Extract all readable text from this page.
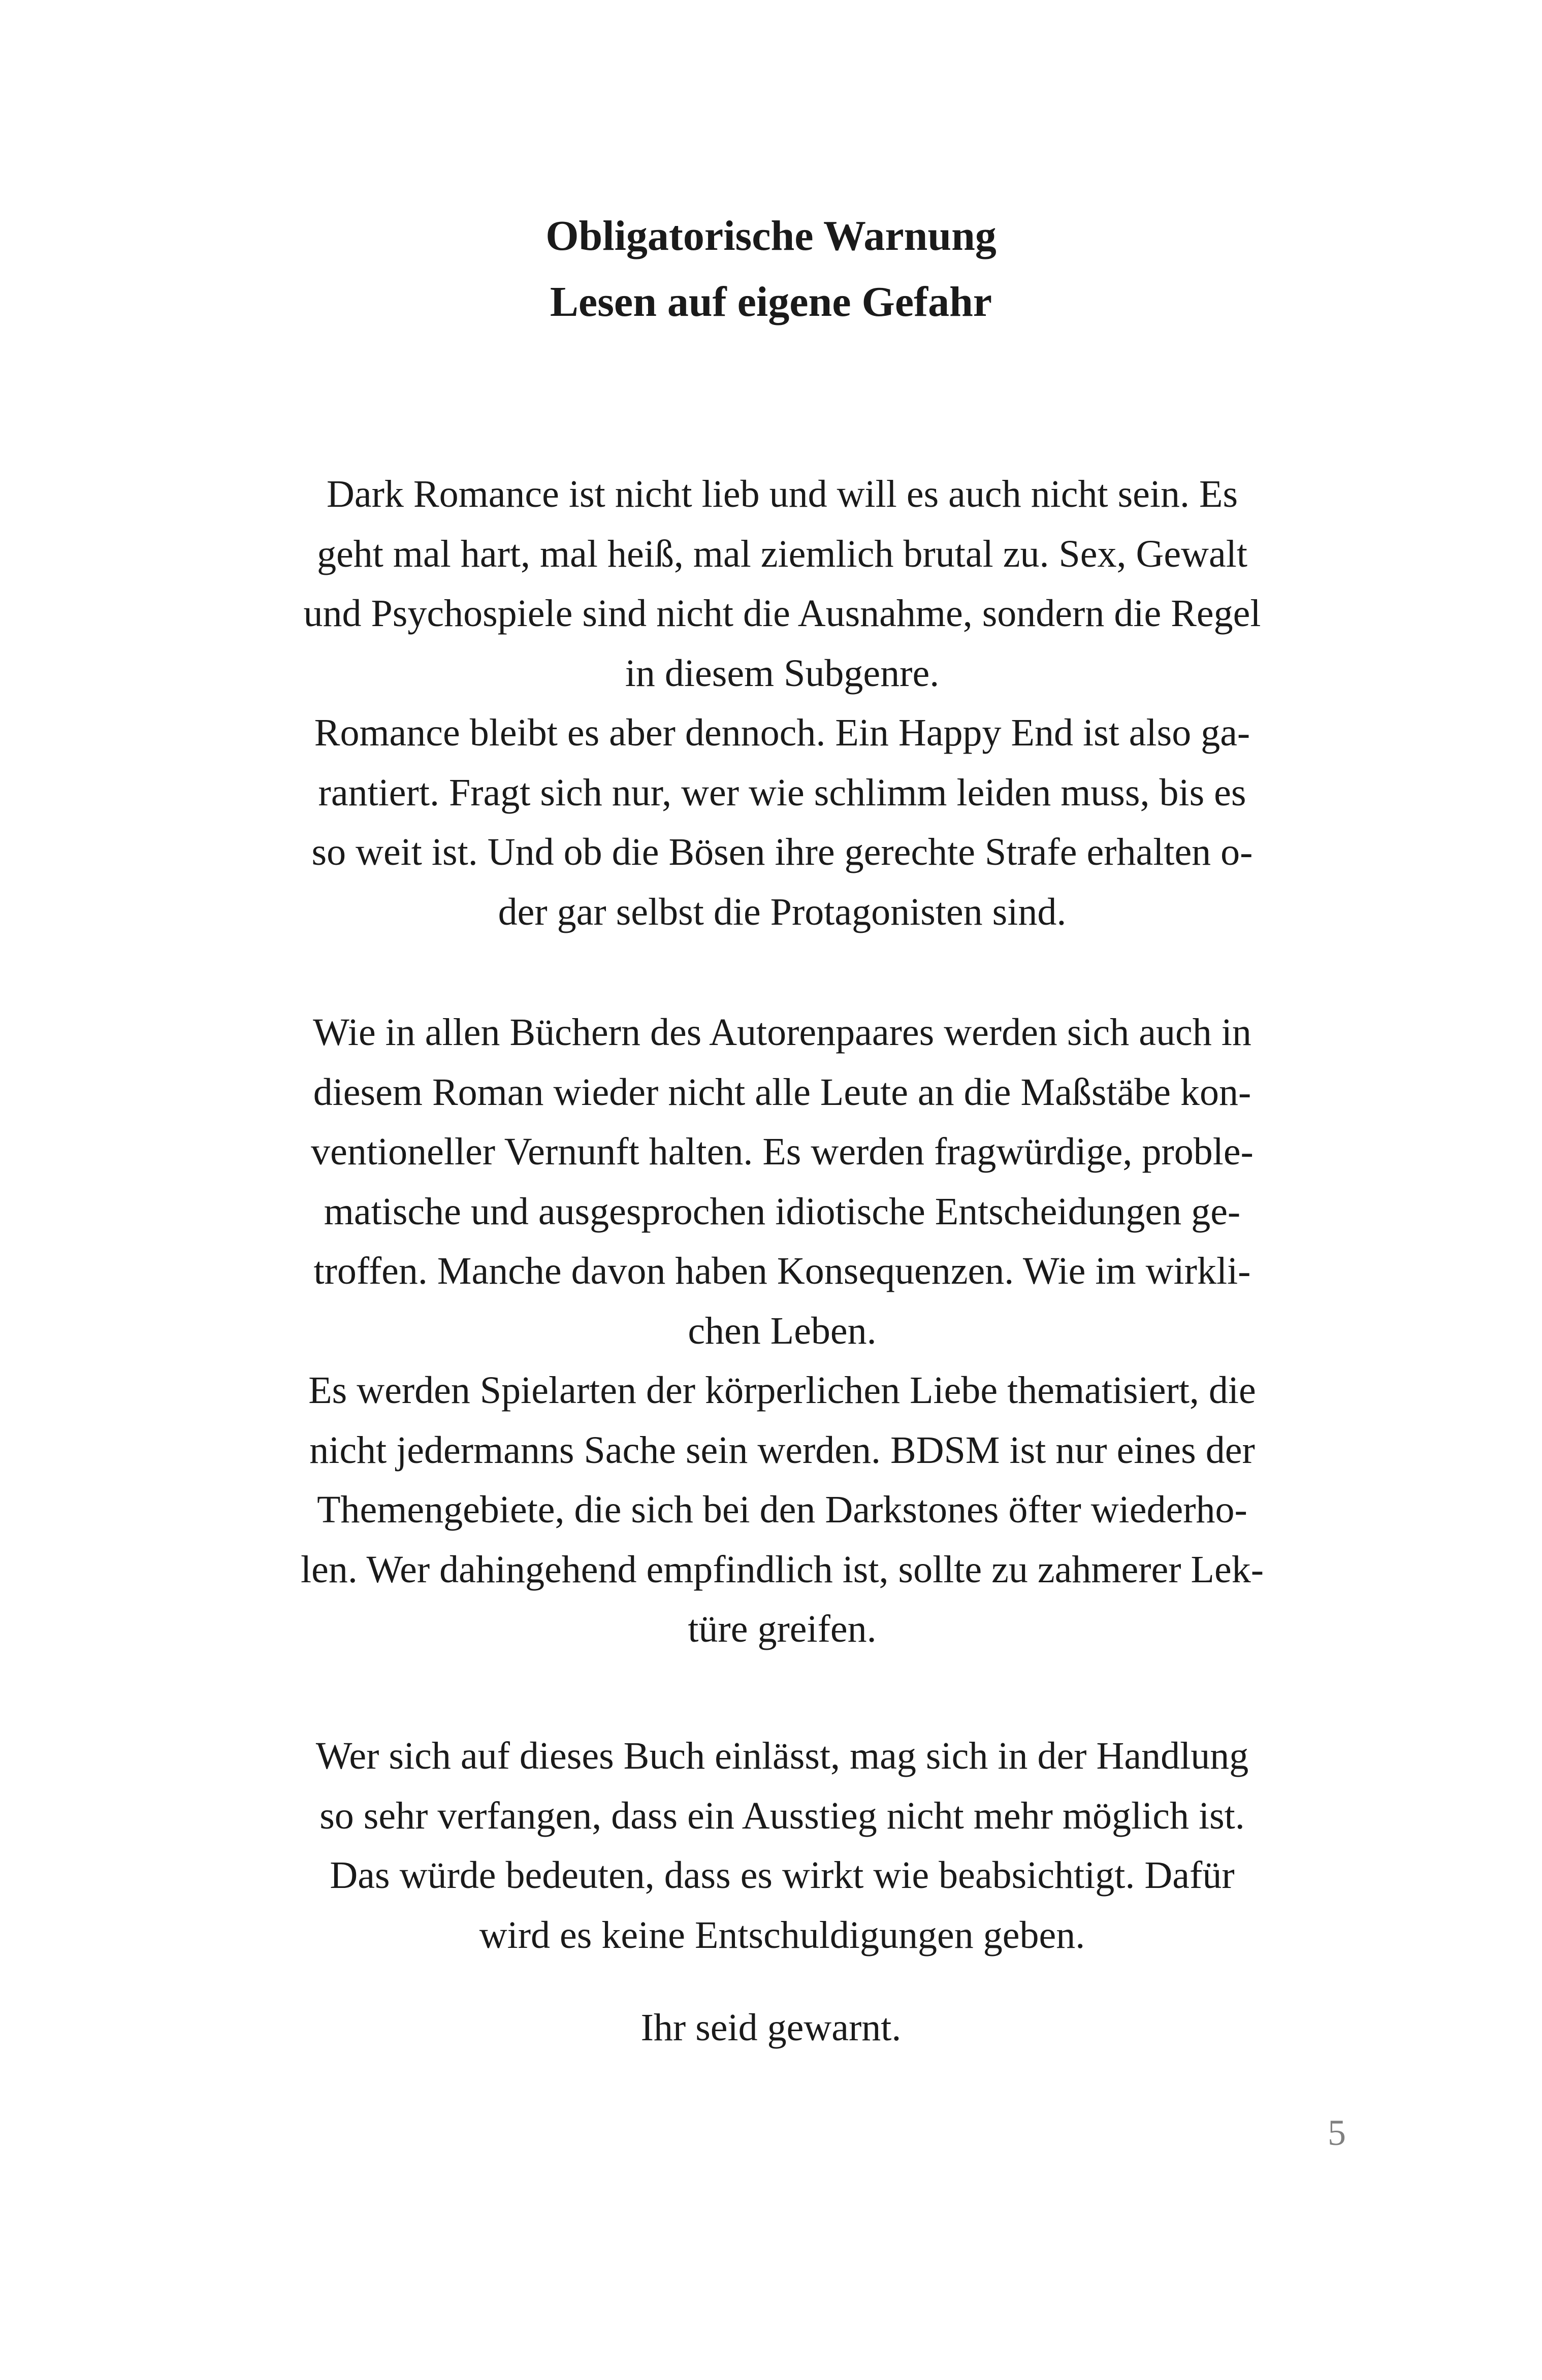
Obligatorische Warnung
Lesen auf eigene Gefahr
Dark Romance ist nicht lieb und will es auch nicht sein. Es
geht mal hart, mal heiß, mal ziemlich brutal zu. Sex, Gewalt
und Psychospiele sind nicht die Ausnahme, sondern die Regel
in diesem Subgenre.
Romance bleibt es aber dennoch. Ein Happy End ist also ga-
rantiert. Fragt sich nur, wer wie schlimm leiden muss, bis es
so weit ist. Und ob die Bösen ihre gerechte Strafe erhalten o-
der gar selbst die Protagonisten sind.
Wie in allen Büchern des Autorenpaares werden sich auch in
diesem Roman wieder nicht alle Leute an die Maßstäbe kon-
ventioneller Vernunft halten. Es werden fragwürdige, proble-
matische und ausgesprochen idiotische Entscheidungen ge-
troffen. Manche davon haben Konsequenzen. Wie im wirkli-
chen Leben.
Es werden Spielarten der körperlichen Liebe thematisiert, die
nicht jedermanns Sache sein werden. BDSM ist nur eines der
Themengebiete, die sich bei den Darkstones öfter wiederho-
len. Wer dahingehend empfindlich ist, sollte zu zahmerer Lek-
türe greifen.
Wer sich auf dieses Buch einlässt, mag sich in der Handlung
so sehr verfangen, dass ein Ausstieg nicht mehr möglich ist.
Das würde bedeuten, dass es wirkt wie beabsichtigt. Dafür
wird es keine Entschuldigungen geben.
Ihr seid gewarnt.
5
